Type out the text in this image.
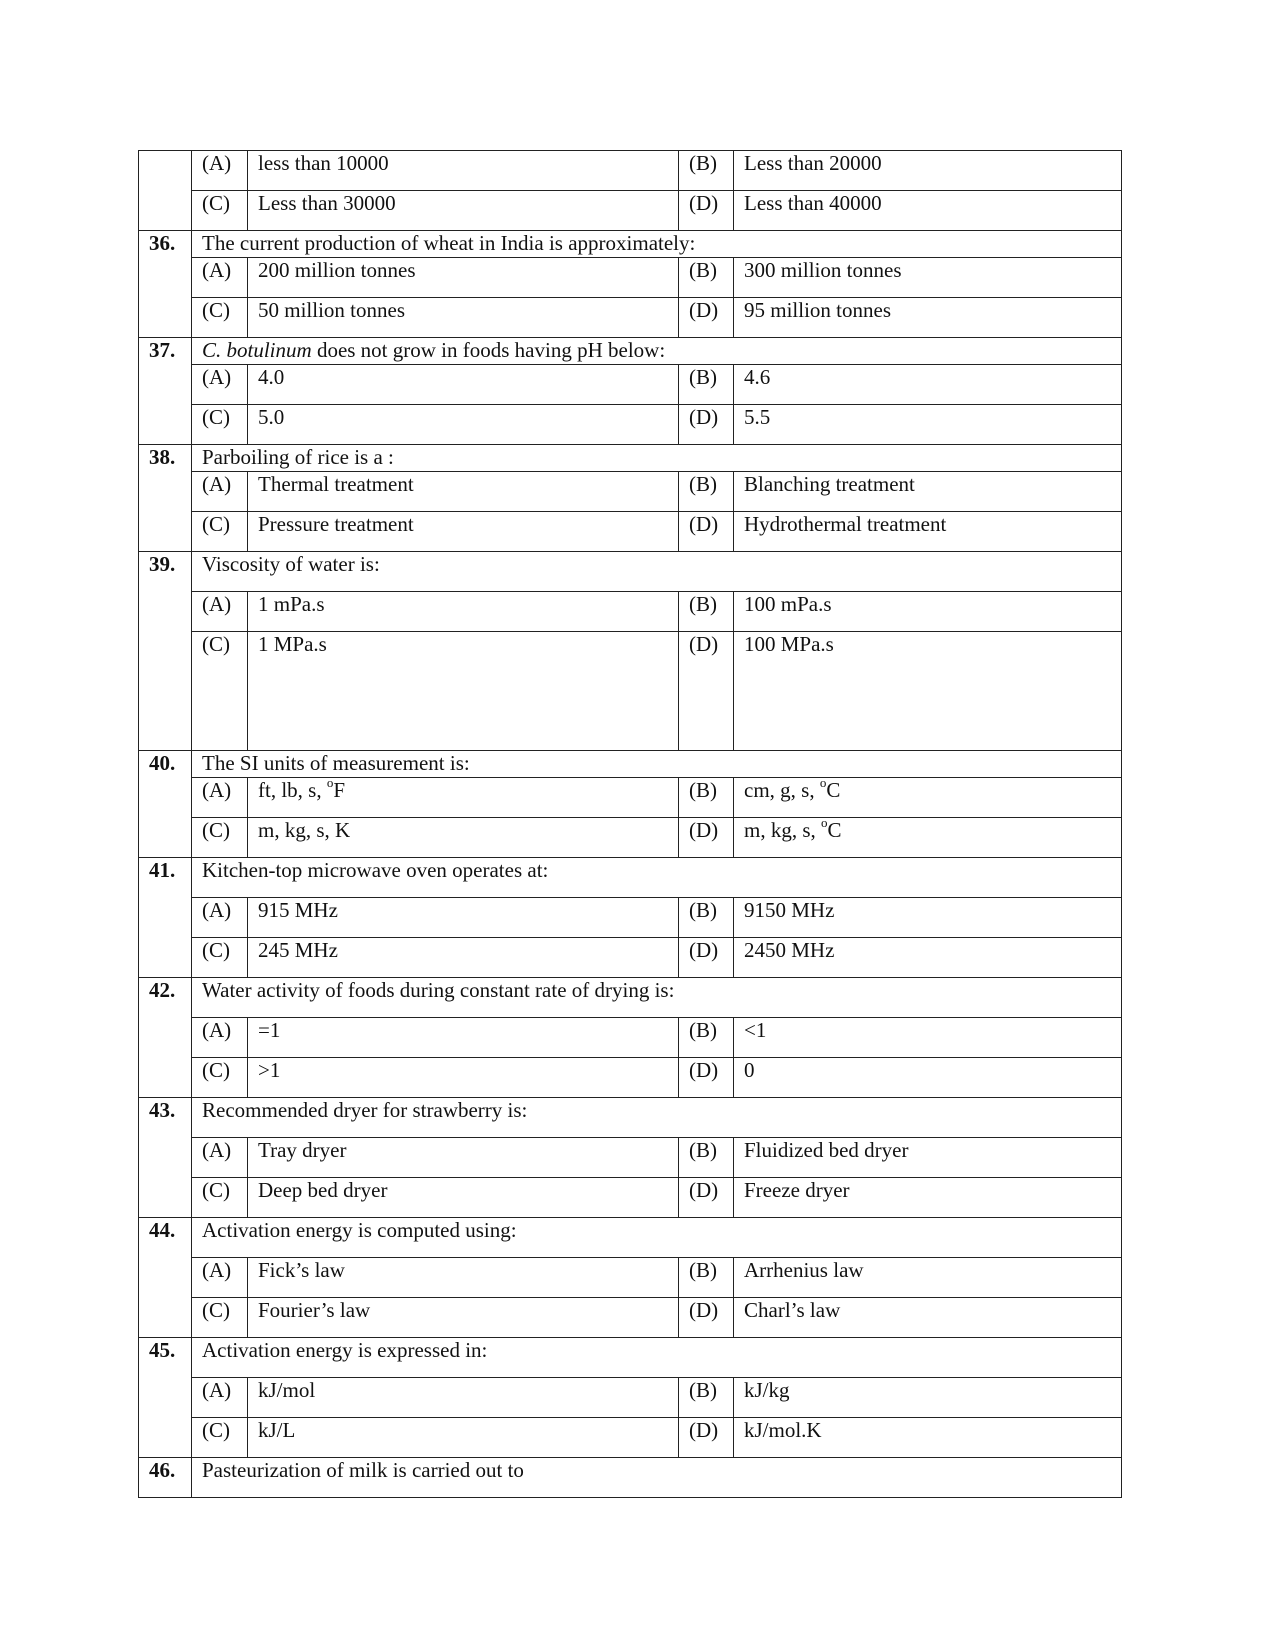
	(A)	less than 10000	(B)	Less than 20000
	(C)	Less than 30000	(D)	Less than 40000
36.	The current production of wheat in India is approximately:			
	(A)	200 million tonnes	(B)	300 million tonnes
	(C)	50 million tonnes	(D)	95 million tonnes
37.	C. botulinum does not grow in foods having pH below:			
	(A)	4.0	(B)	4.6
	(C)	5.0	(D)	5.5
38.	Parboiling of rice is a :			
	(A)	Thermal treatment	(B)	Blanching treatment
	(C)	Pressure treatment	(D)	Hydrothermal treatment
39.	Viscosity of water is:			
	(A)	1 mPa.s	(B)	100 mPa.s
	(C)	1 MPa.s	(D)	100 MPa.s
40.	The SI units of measurement is:			
	(A)	ft, lb, s, $^o$F	(B)	cm, g, s, $^o$C
	(C)	m, kg, s, K	(D)	m, kg, s, $^o$C
41.	Kitchen-top microwave oven operates at:			
	(A)	915 MHz	(B)	9150 MHz
	(C)	245 MHz	(D)	2450 MHz
42.	Water activity of foods during constant rate of drying is:			
	(A)	=1	(B)	<1
	(C)	>1	(D)	0
43.	Recommended dryer for strawberry is:			
	(A)	Tray dryer	(B)	Fluidized bed dryer
	(C)	Deep bed dryer	(D)	Freeze dryer
44.	Activation energy is computed using:			
	(A)	Fick’s law	(B)	Arrhenius law
	(C)	Fourier’s law	(D)	Charl’s law
45.	Activation energy is expressed in:			
	(A)	kJ/mol	(B)	kJ/kg
	(C)	kJ/L	(D)	kJ/mol.K
46.	Pasteurization of milk is carried out to			
